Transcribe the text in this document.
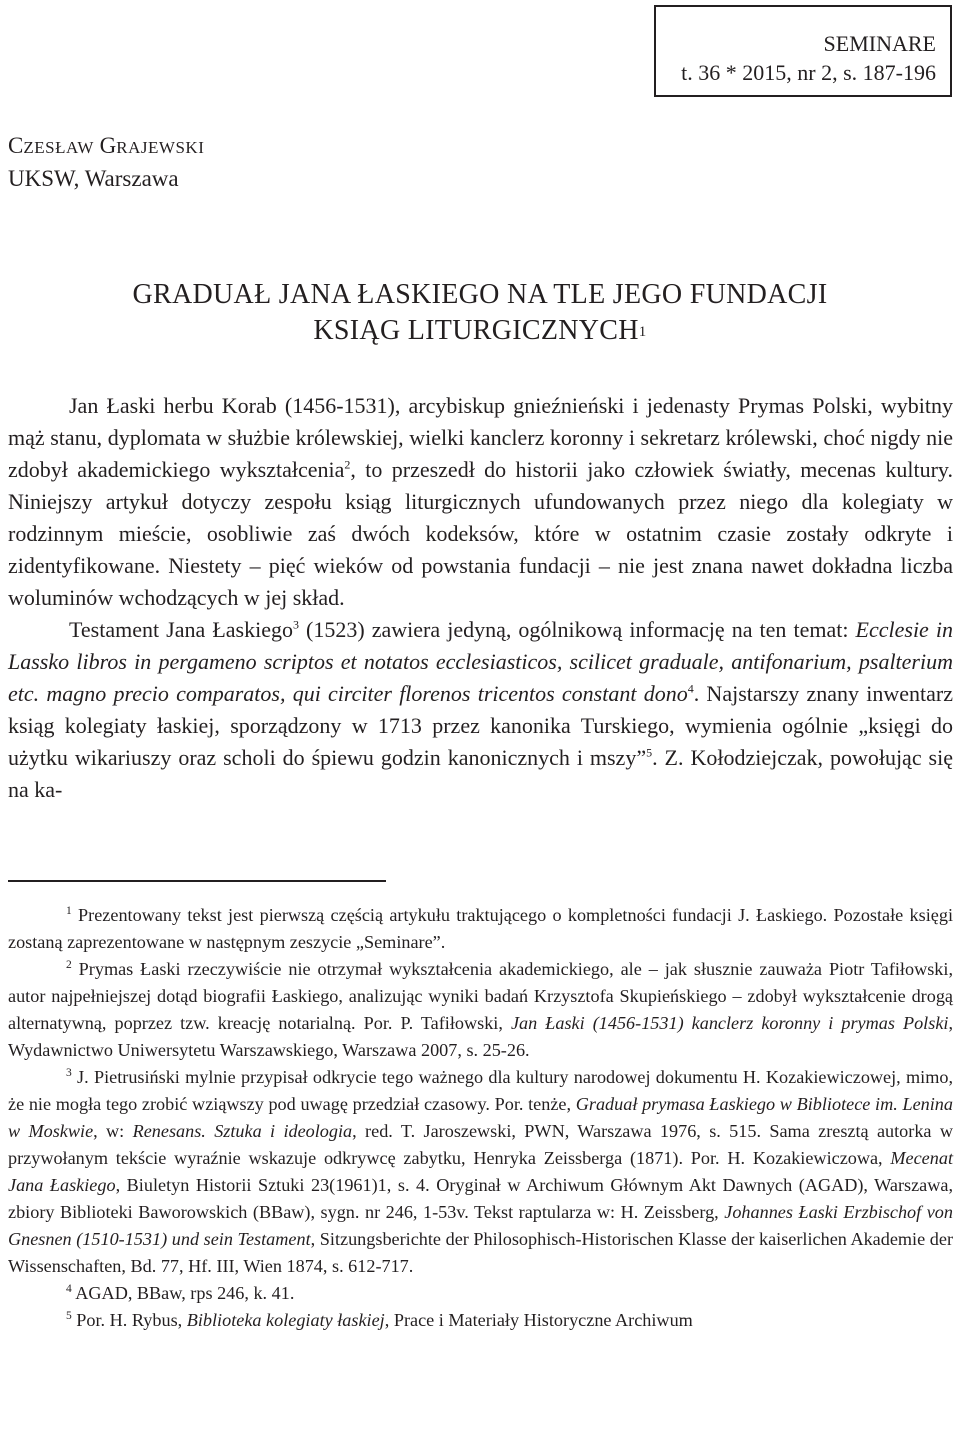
SEMINARE
t. 36 * 2015, nr 2, s. 187-196
CZESŁAW GRAJEWSKI
UKSW, Warszawa
GRADUAŁ JANA ŁASKIEGO NA TLE JEGO FUNDACJI
KSIĄG LITURGICZNYCH$^1$

Jan Łaski herbu Korab (1456-1531), arcybiskup gnieźnieński i jedenasty Prymas Polski, wybitny mąż stanu, dyplomata w służbie królewskiej, wielki kanclerz koronny i sekretarz królewski, choć nigdy nie zdobył akademickiego wykształcenia$^2$, to przeszedł do historii jako człowiek światły, mecenas kultury. Niniejszy artykuł dotyczy zespołu ksiąg liturgicznych ufundowanych przez niego dla kolegiaty w rodzinnym mieście, osobliwie zaś dwóch kodeksów, które w ostatnim czasie zostały odkryte i zidentyfikowane. Niestety – pięć wieków od powstania fundacji – nie jest znana nawet dokładna liczba woluminów wchodzących w jej skład.

Testament Jana Łaskiego$^3$ (1523) zawiera jedyną, ogólnikową informację na ten temat: Ecclesie in Lassko libros in pergameno scriptos et notatos ecclesiasticos, scilicet graduale, antifonarium, psalterium etc. magno precio comparatos, qui circiter florenos tricentos constant dono$^4$. Najstarszy znany inwentarz ksiąg kolegiaty łaskiej, sporządzony w 1713 przez kanonika Turskiego, wymienia ogólnie „księgi do użytku wikariuszy oraz scholi do śpiewu godzin kanonicznych i mszy”$^5$. Z. Kołodziejczak, powołując się na ka-

$^1$ Prezentowany tekst jest pierwszą częścią artykułu traktującego o kompletności fundacji J. Łaskiego. Pozostałe księgi zostaną zaprezentowane w następnym zeszycie „Seminare”.

$^2$ Prymas Łaski rzeczywiście nie otrzymał wykształcenia akademickiego, ale – jak słusznie zauważa Piotr Tafiłowski, autor najpełniejszej dotąd biografii Łaskiego, analizując wyniki badań Krzysztofa Skupieńskiego – zdobył wykształcenie drogą alternatywną, poprzez tzw. kreację notarialną. Por. P. Tafiłowski, Jan Łaski (1456-1531) kanclerz koronny i prymas Polski, Wydawnictwo Uniwersytetu Warszawskiego, Warszawa 2007, s. 25-26.

$^3$ J. Pietrusiński mylnie przypisał odkrycie tego ważnego dla kultury narodowej dokumentu H. Kozakiewiczowej, mimo, że nie mogła tego zrobić wziąwszy pod uwagę przedział czasowy. Por. tenże, Graduał prymasa Łaskiego w Bibliotece im. Lenina w Moskwie, w: Renesans. Sztuka i ideologia, red. T. Jaroszewski, PWN, Warszawa 1976, s. 515. Sama zresztą autorka w przywołanym tekście wyraźnie wskazuje odkrywcę zabytku, Henryka Zeissberga (1871). Por. H. Kozakiewiczowa, Mecenat Jana Łaskiego, Biuletyn Historii Sztuki 23(1961)1, s. 4. Oryginał w Archiwum Głównym Akt Dawnych (AGAD), Warszawa, zbiory Biblioteki Baworowskich (BBaw), sygn. nr 246, 1-53v. Tekst raptularza w: H. Zeissberg, Johannes Łaski Erzbischof von Gnesnen (1510-1531) und sein Testament, Sitzungsberichte der Philosophisch-Historischen Klasse der kaiserlichen Akademie der Wissenschaften, Bd. 77, Hf. III, Wien 1874, s. 612-717.

$^4$ AGAD, BBaw, rps 246, k. 41.

$^5$ Por. H. Rybus, Biblioteka kolegiaty łaskiej, Prace i Materiały Historyczne Archiwum
